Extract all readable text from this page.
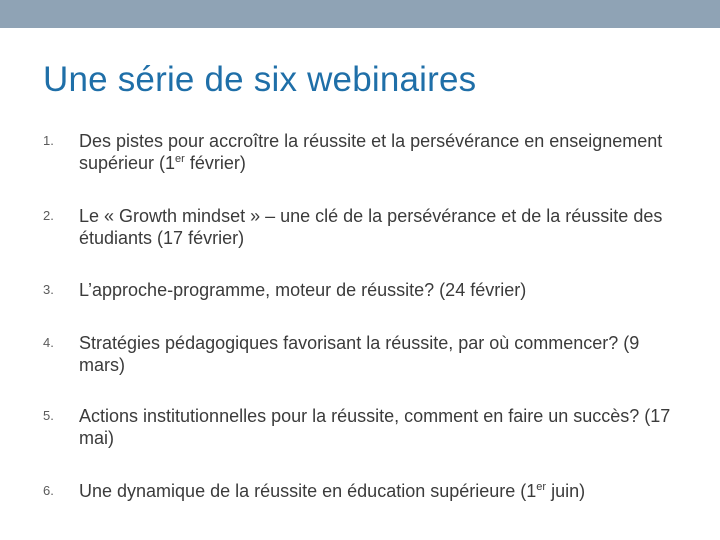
Une série de six webinaires
1. Des pistes pour accroître la réussite et la persévérance en enseignement supérieur (1er février)
2. Le « Growth mindset » – une clé de la persévérance et de la réussite des étudiants (17 février)
3. L’approche-programme, moteur de réussite? (24 février)
4. Stratégies pédagogiques favorisant la réussite, par où commencer? (9 mars)
5. Actions institutionnelles pour la réussite, comment en faire un succès? (17 mai)
6. Une dynamique de la réussite en éducation supérieure (1er juin)
